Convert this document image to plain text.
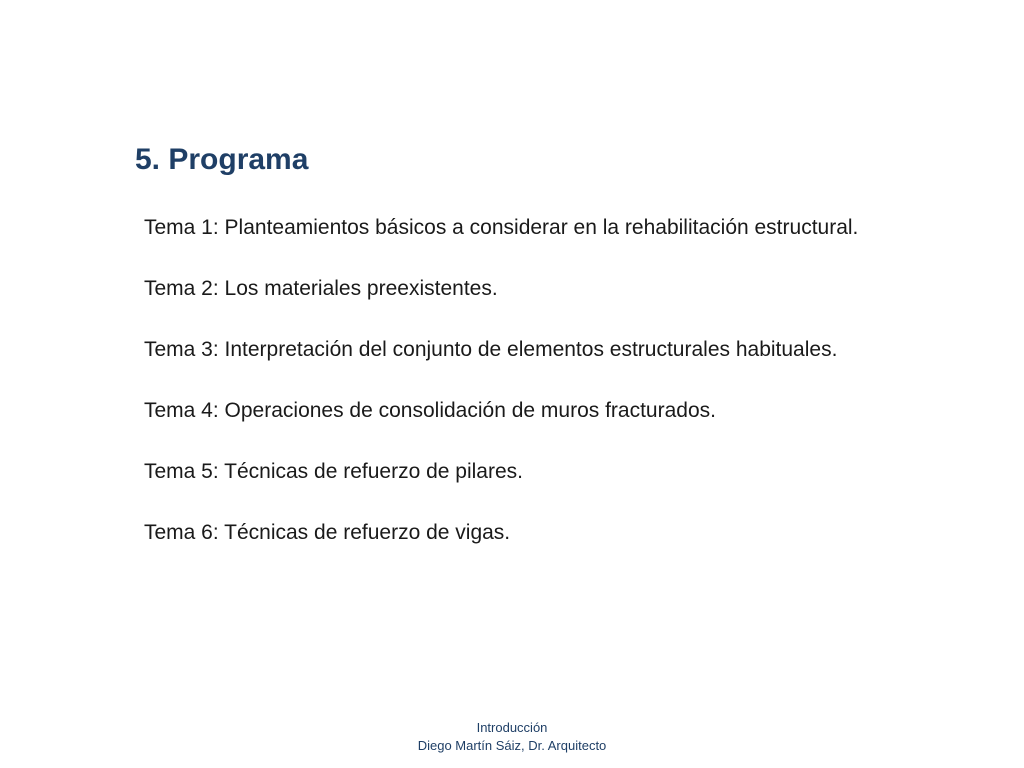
5. Programa
Tema 1: Planteamientos básicos a considerar en la rehabilitación estructural.
Tema 2: Los materiales preexistentes.
Tema 3: Interpretación del conjunto de elementos estructurales habituales.
Tema 4: Operaciones de consolidación de muros fracturados.
Tema 5: Técnicas de refuerzo de pilares.
Tema 6: Técnicas de refuerzo de vigas.
Introducción
Diego Martín Sáiz, Dr. Arquitecto
